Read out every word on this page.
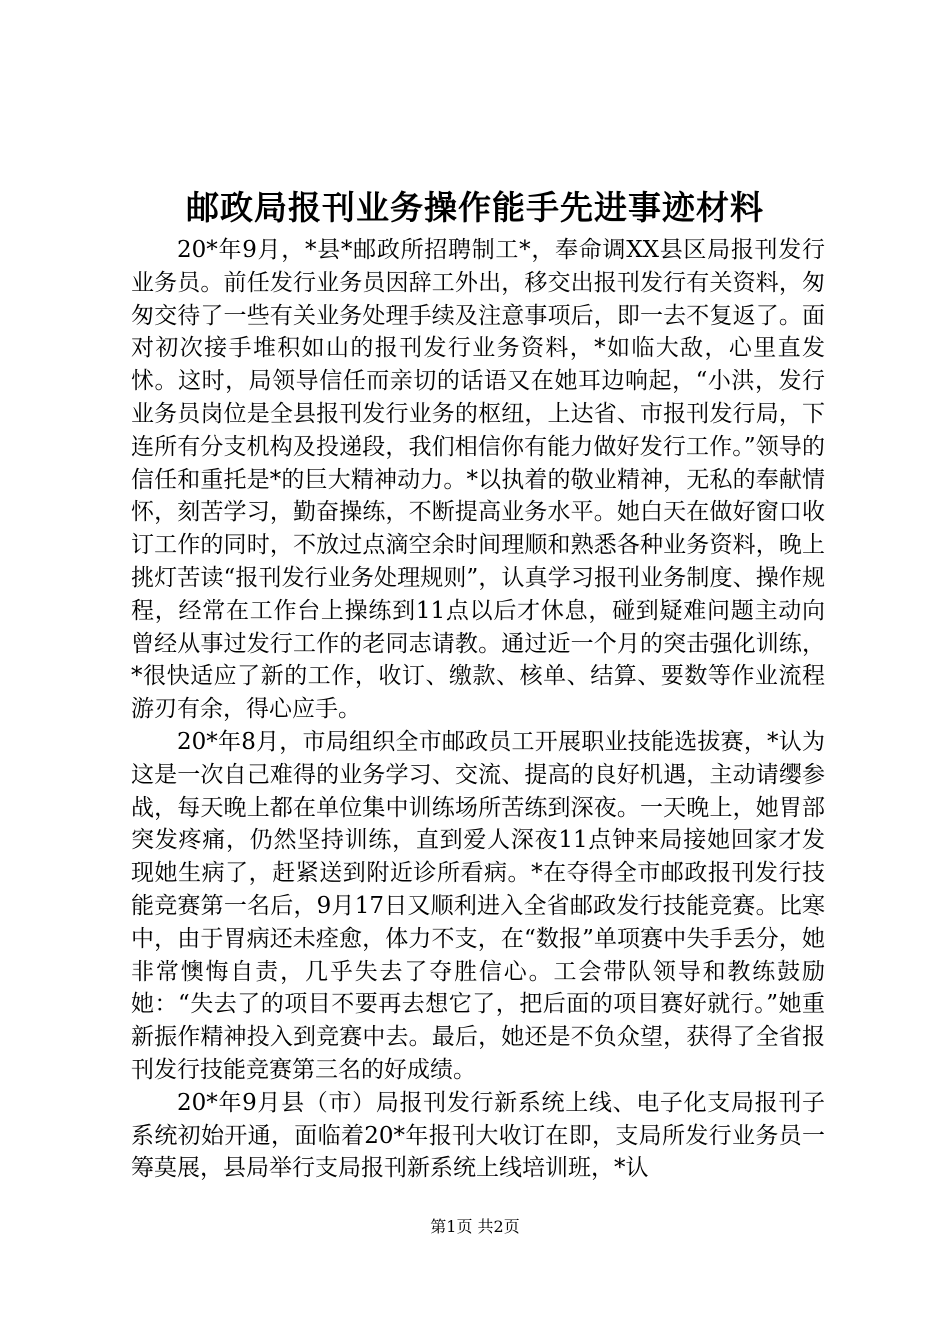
邮政局报刊业务操作能手先进事迹材料

20*年9月，*县*邮政所招聘制工*，奉命调XX县区局报刊发行业务员。前任发行业务员因辞工外出，移交出报刊发行有关资料，匆匆交待了一些有关业务处理手续及注意事项后，即一去不复返了。面对初次接手堆积如山的报刊发行业务资料，*如临大敌，心里直发怵。这时，局领导信任而亲切的话语又在她耳边响起，“小洪，发行业务员岗位是全县报刊发行业务的枢纽，上达省、市报刊发行局，下连所有分支机构及投递段，我们相信你有能力做好发行工作。”领导的信任和重托是*的巨大精神动力。*以执着的敬业精神，无私的奉献情怀，刻苦学习，勤奋操练，不断提高业务水平。她白天在做好窗口收订工作的同时，不放过点滴空余时间理顺和熟悉各种业务资料，晚上挑灯苦读“报刊发行业务处理规则”，认真学习报刊业务制度、操作规程，经常在工作台上操练到11点以后才休息，碰到疑难问题主动向曾经从事过发行工作的老同志请教。通过近一个月的突击强化训练，*很快适应了新的工作，收订、缴款、核单、结算、要数等作业流程游刃有余，得心应手。

20*年8月，市局组织全市邮政员工开展职业技能选拔赛，*认为这是一次自己难得的业务学习、交流、提高的良好机遇，主动请缨参战，每天晚上都在单位集中训练场所苦练到深夜。一天晚上，她胃部突发疼痛，仍然坚持训练，直到爱人深夜11点钟来局接她回家才发现她生病了，赶紧送到附近诊所看病。*在夺得全市邮政报刊发行技能竞赛第一名后，9月17日又顺利进入全省邮政发行技能竞赛。比寒中，由于胃病还未痊愈，体力不支，在“数报”单项赛中失手丢分，她非常懊悔自责，几乎失去了夺胜信心。工会带队领导和教练鼓励她：“失去了的项目不要再去想它了，把后面的项目赛好就行。”她重新振作精神投入到竞赛中去。最后，她还是不负众望，获得了全省报刊发行技能竞赛第三名的好成绩。

20*年9月县（市）局报刊发行新系统上线、电子化支局报刊子系统初始开通，面临着20*年报刊大收订在即，支局所发行业务员一筹莫展，县局举行支局报刊新系统上线培训班，*认

第1页 共2页
